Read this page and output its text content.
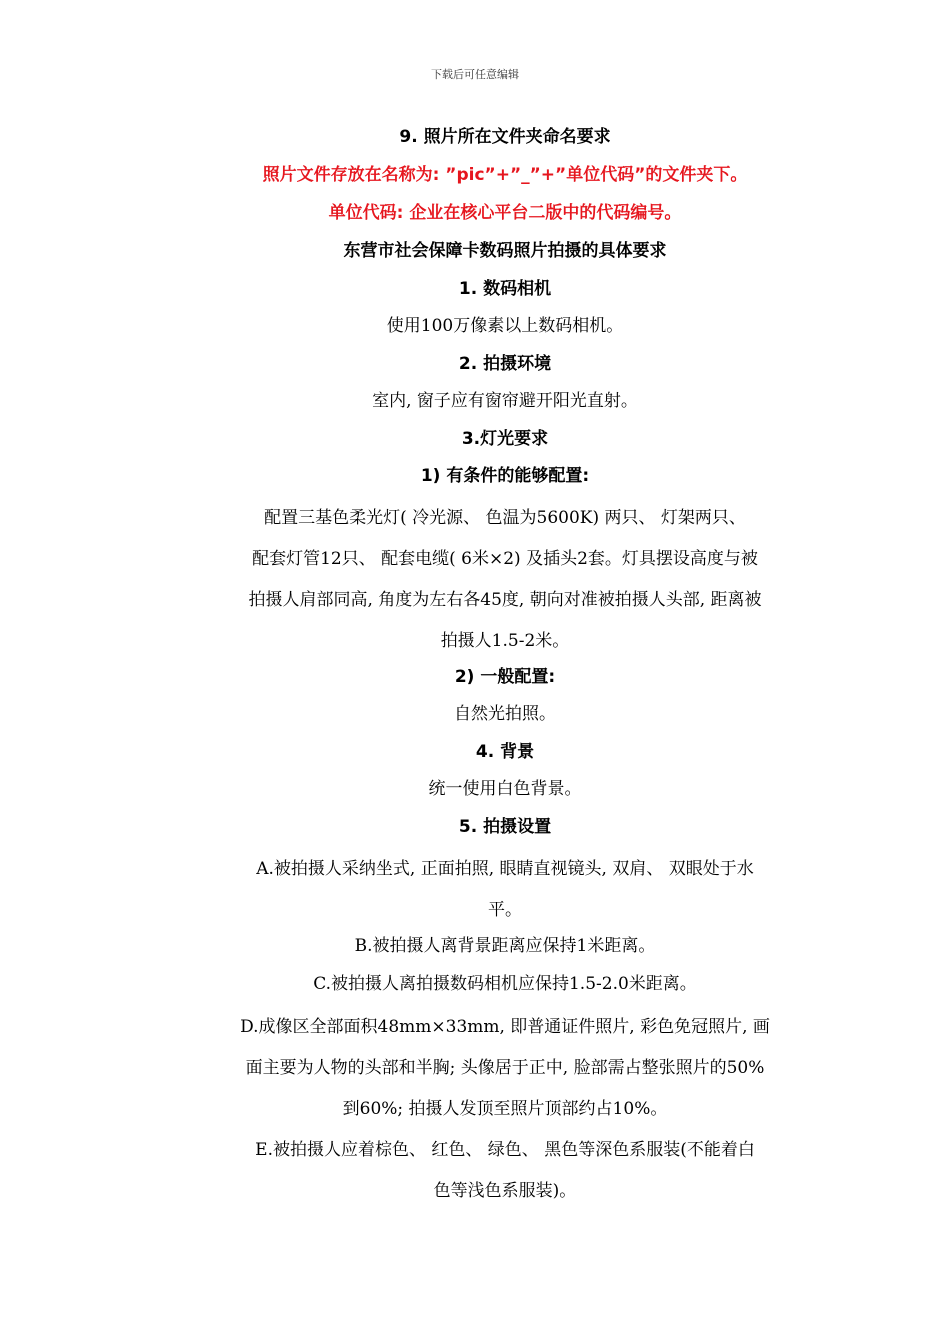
下载后可任意编辑

9. 照片所在文件夹命名要求

照片文件存放在名称为: ”pic”+”_”+”单位代码”的文件夹下。

单位代码: 企业在核心平台二版中的代码编号。

东营市社会保障卡数码照片拍摄的具体要求

1. 数码相机

使用100万像素以上数码相机。

2. 拍摄环境

室内, 窗子应有窗帘避开阳光直射。

3.灯光要求

1) 有条件的能够配置:

配置三基色柔光灯( 冷光源、 色温为5600K) 两只、 灯架两只、

配套灯管12只、 配套电缆( 6米×2) 及插头2套。灯具摆设高度与被

拍摄人肩部同高, 角度为左右各45度, 朝向对准被拍摄人头部, 距离被

拍摄人1.5-2米。

2) 一般配置:

自然光拍照。

4. 背景

统一使用白色背景。

5. 拍摄设置

A.被拍摄人采纳坐式, 正面拍照, 眼睛直视镜头, 双肩、 双眼处于水

平。

B.被拍摄人离背景距离应保持1米距离。

C.被拍摄人离拍摄数码相机应保持1.5-2.0米距离。

D.成像区全部面积48mm×33mm, 即普通证件照片, 彩色免冠照片, 画

面主要为人物的头部和半胸; 头像居于正中, 脸部需占整张照片的50%

到60%; 拍摄人发顶至照片顶部约占10%。

E.被拍摄人应着棕色、 红色、 绿色、 黑色等深色系服装(不能着白

色等浅色系服装)。
